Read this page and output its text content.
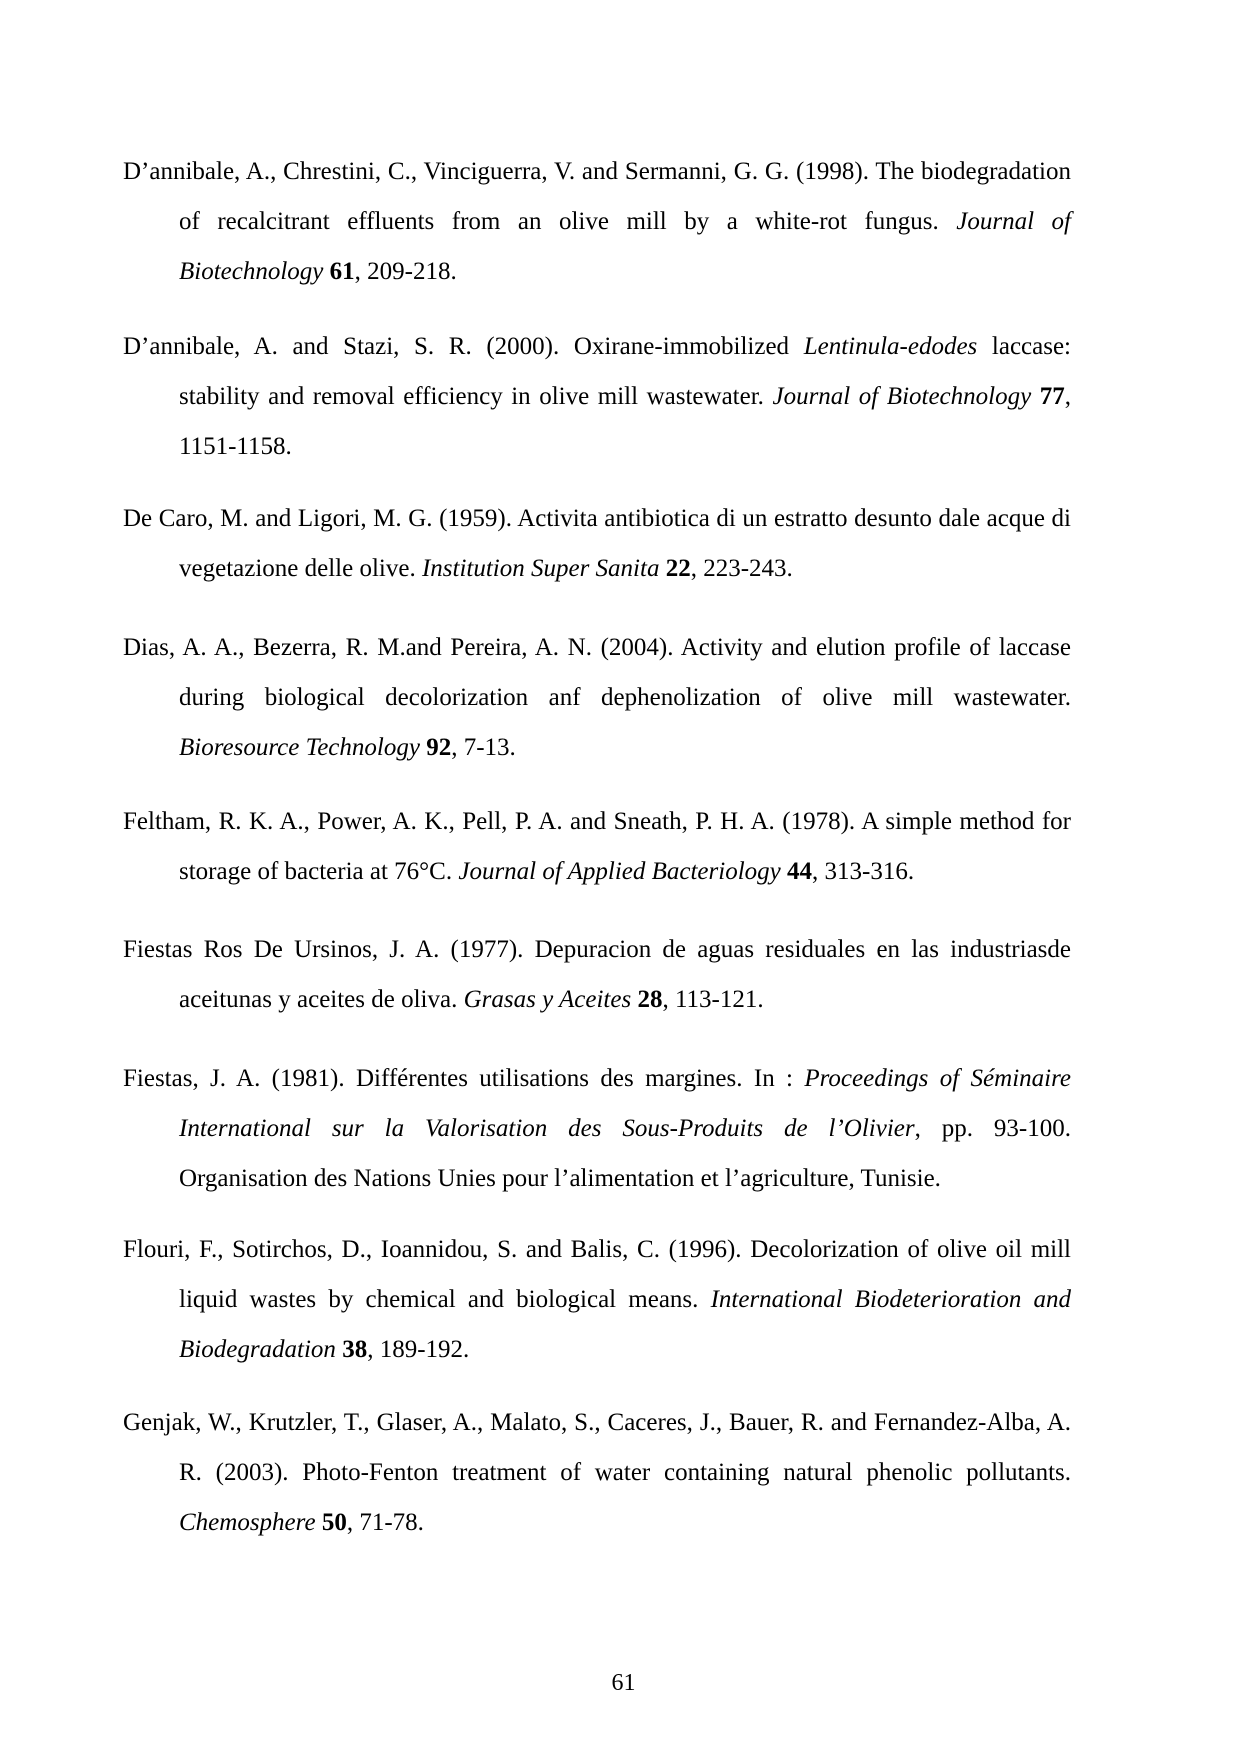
D’annibale, A., Chrestini, C., Vinciguerra, V. and Sermanni, G. G. (1998). The biodegradation of recalcitrant effluents from an olive mill by a white-rot fungus. Journal of Biotechnology 61, 209-218.

D’annibale, A. and Stazi, S. R. (2000). Oxirane-immobilized Lentinula-edodes laccase: stability and removal efficiency in olive mill wastewater. Journal of Biotechnology 77, 1151-1158.

De Caro, M. and Ligori, M. G. (1959). Activita antibiotica di un estratto desunto dale acque di vegetazione delle olive. Institution Super Sanita 22, 223-243.

Dias, A. A., Bezerra, R. M.and Pereira, A. N. (2004). Activity and elution profile of laccase during biological decolorization anf dephenolization of olive mill wastewater. Bioresource Technology 92, 7-13.

Feltham, R. K. A., Power, A. K., Pell, P. A. and Sneath, P. H. A. (1978). A simple method for storage of bacteria at 76°C. Journal of Applied Bacteriology 44, 313-316.

Fiestas Ros De Ursinos, J. A. (1977). Depuracion de aguas residuales en las industriasde aceitunas y aceites de oliva. Grasas y Aceites 28, 113-121.

Fiestas, J. A. (1981). Différentes utilisations des margines. In : Proceedings of Séminaire International sur la Valorisation des Sous-Produits de l’Olivier, pp. 93-100. Organisation des Nations Unies pour l’alimentation et l’agriculture, Tunisie.

Flouri, F., Sotirchos, D., Ioannidou, S. and Balis, C. (1996). Decolorization of olive oil mill liquid wastes by chemical and biological means. International Biodeterioration and Biodegradation 38, 189-192.

Genjak, W., Krutzler, T., Glaser, A., Malato, S., Caceres, J., Bauer, R. and Fernandez-Alba, A. R. (2003). Photo-Fenton treatment of water containing natural phenolic pollutants. Chemosphere 50, 71-78.

61
